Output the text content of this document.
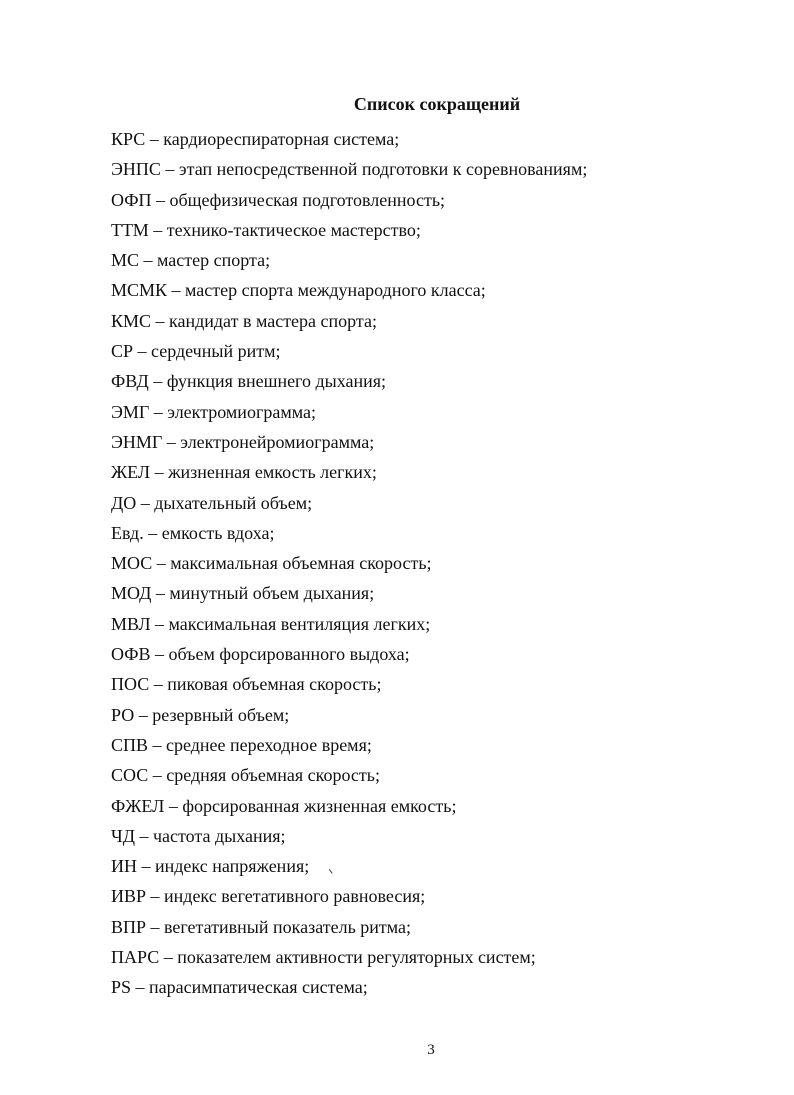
Список сокращений
КРС – кардиореспираторная система;
ЭНПС – этап непосредственной подготовки к соревнованиям;
ОФП – общефизическая подготовленность;
ТТМ – технико-тактическое мастерство;
МС – мастер спорта;
МСМК – мастер спорта международного класса;
КМС – кандидат в мастера спорта;
СР – сердечный ритм;
ФВД – функция внешнего дыхания;
ЭМГ – электромиограмма;
ЭНМГ – электронейромиограмма;
ЖЕЛ – жизненная емкость легких;
ДО – дыхательный объем;
Евд. – емкость вдоха;
МОС – максимальная объемная скорость;
МОД – минутный объем дыхания;
МВЛ – максимальная вентиляция легких;
ОФВ – объем форсированного выдоха;
ПОС – пиковая объемная скорость;
РО – резервный объем;
СПВ – среднее переходное время;
СОС – средняя объемная скорость;
ФЖЕЛ – форсированная жизненная емкость;
ЧД – частота дыхания;
ИН – индекс напряжения;
ИВР – индекс вегетативного равновесия;
ВПР – вегетативный показатель ритма;
ПАРС – показателем активности регуляторных систем;
PS – парасимпатическая система;
3
